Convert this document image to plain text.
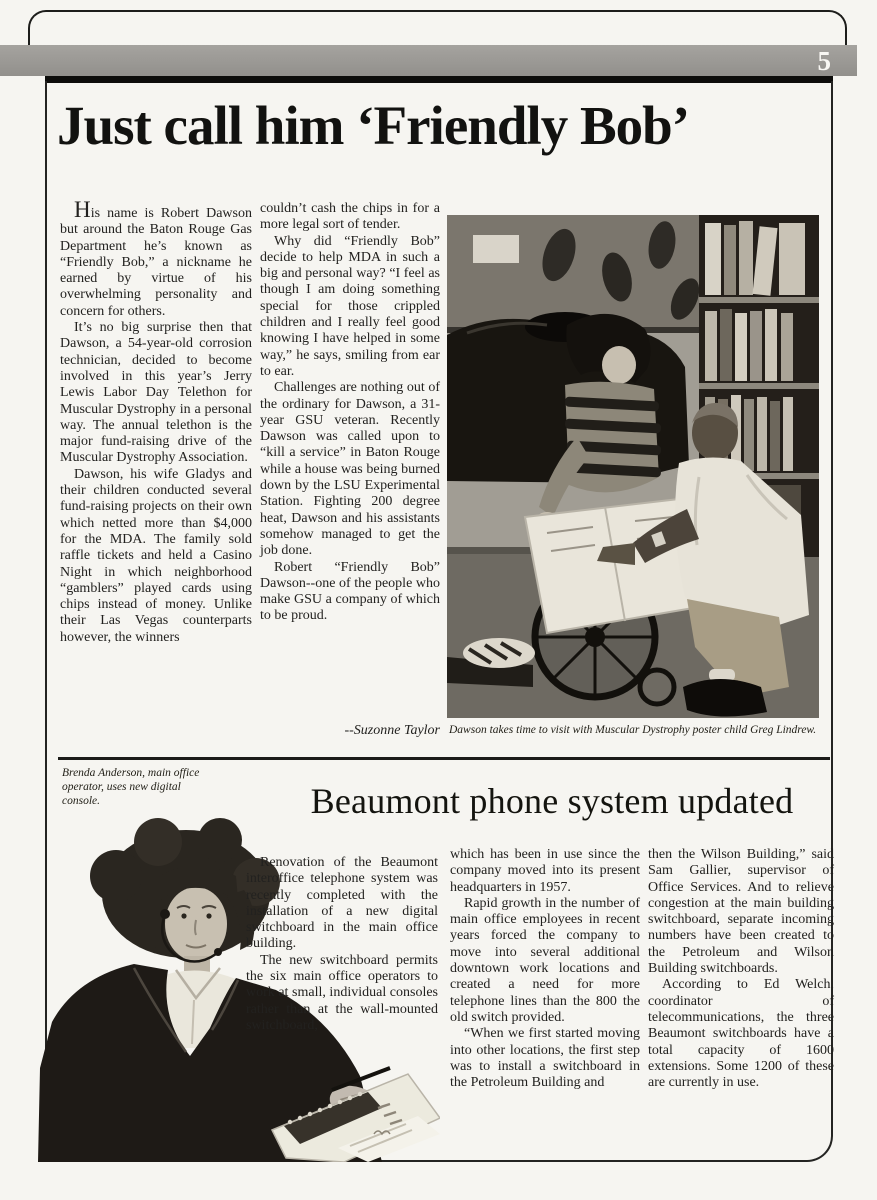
5
Just call him ‘Friendly Bob’

His name is Robert Dawson but around the Baton Rouge Gas Department he’s known as “Friendly Bob,” a nickname he earned by virtue of his overwhelming personality and concern for others.

It’s no big surprise then that Dawson, a 54-year-old corrosion technician, decided to become involved in this year’s Jerry Lewis Labor Day Telethon for Muscular Dystrophy in a personal way. The annual telethon is the major fund-raising drive of the Muscular Dystrophy Association.

Dawson, his wife Gladys and their children conducted several fund-raising projects on their own which netted more than $4,000 for the MDA. The family sold raffle tickets and held a Casino Night in which neighborhood “gamblers” played cards using chips instead of money. Unlike their Las Vegas counterparts however, the winners

couldn’t cash the chips in for a more legal sort of tender.

Why did “Friendly Bob” decide to help MDA in such a big and personal way? “I feel as though I am doing something special for those crippled children and I really feel good knowing I have helped in some way,” he says, smiling from ear to ear.

Challenges are nothing out of the ordinary for Dawson, a 31-year GSU veteran. Recently Dawson was called upon to “kill a service” in Baton Rouge while a house was being burned down by the LSU Experimental Station. Fighting 200 degree heat, Dawson and his assistants somehow managed to get the job done.

Robert “Friendly Bob” Dawson--one of the people who make GSU a company of which to be proud.

--Suzonne Taylor Dawson takes time to visit with Muscular Dystrophy poster child Greg Lindrew.
Brenda Anderson, main office operator, uses new digital console.	Beaumont phone system updated

Renovation of the Beaumont interoffice telephone system was recently completed with the installation of a new digital switchboard in the main office building.

The new switchboard permits the six main office operators to work at small, individual consoles rather than at the wall-mounted switchboard,

which has been in use since the company moved into its present headquarters in 1957.

Rapid growth in the number of main office employees in recent years forced the company to move into several additional downtown work locations and created a need for more telephone lines than the 800 the old switch provided.

“When we first started moving into other locations, the first step was to install a switchboard in the Petroleum Building and

then the Wilson Building,” said Sam Gallier, supervisor of Office Services. And to relieve congestion at the main building switchboard, separate incoming numbers have been created to the Petroleum and Wilson Building switchboards.

According to Ed Welch, coordinator of telecommunications, the three Beaumont switchboards have a total capacity of 1600 extensions. Some 1200 of these are currently in use.
